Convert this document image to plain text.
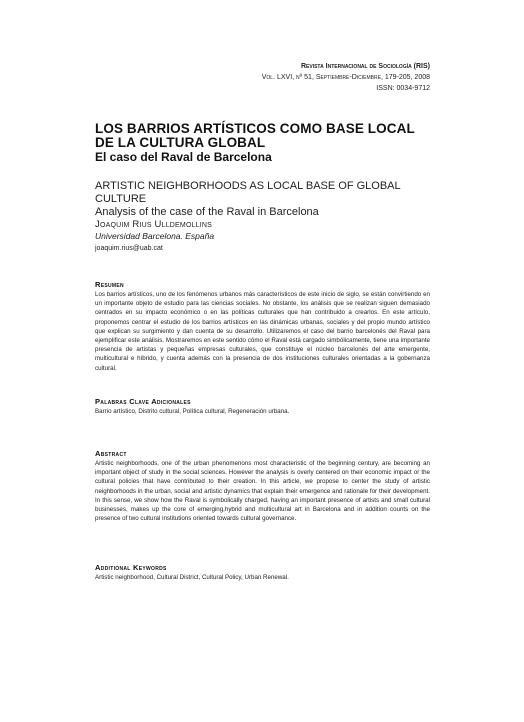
Revista Internacional de Sociología (RIS)
Vol. LXVI, nº 51, Septiembre-Diciembre, 179-205, 2008
ISSN: 0034-9712
LOS BARRIOS ARTÍSTICOS COMO BASE LOCAL DE LA CULTURA GLOBAL
El caso del Raval de Barcelona
ARTISTIC NEIGHBORHOODS AS LOCAL BASE OF GLOBAL CULTURE
Analysis of the case of the Raval in Barcelona
Joaquim Rius Ulldemollins
Universidad Barcelona. España
joaquim.rius@uab.cat
Resumen
Los barrios artísticos, uno de los fenómenos urbanos más característicos de este inicio de siglo, se están convirtiendo en un importante objeto de estudio para las ciencias sociales. No obstante, los análisis que se realizan siguen demasiado centrados en su impacto económico o en las políticas culturales que han contribuido a crearlos. En este artículo, proponemos centrar el estudio de los barrios artísticos en las dinámicas urbanas, sociales y del propio mundo artístico que explican su surgimiento y dan cuenta de su desarrollo. Utilizaremos el caso del barrio barcelonés del Raval para ejemplificar este análisis. Mostraremos en este sentido cómo el Raval está cargado simbólicamente, tiene una importante presencia de artistas y pequeñas empresas culturales, que constituye el núcleo barcelonés del arte emergente, multicultural e híbrido, y cuenta además con la presencia de dos instituciones culturales orientadas a la gobernanza cultural.
Palabras Clave Adicionales
Barrio artístico, Distrito cultural, Política cultural, Regeneración urbana.
Abstract
Artistic neighborhoods, one of the urban phenomenons most characteristic of the beginning century, are becoming an important object of study in the social sciences. However the analysis is overly centered on their economic impact or the cultural policies that have contributed to their creation. In this article, we propose to center the study of artistic neighborhoods in the urban, social and artistic dynamics that explain their emergence and rationale for their development. In this sense, we show how the Raval is symbolically charged, having an important presence of artists and small cultural businesses, makes up the core of emerging,hybrid and multicultural art in Barcelona and in addition counts on the presence of two cultural institutions oriented towards cultural governance.
Additional Keywords
Artistic neighborhood, Cultural District, Cultural Policy, Urban Renewal.
